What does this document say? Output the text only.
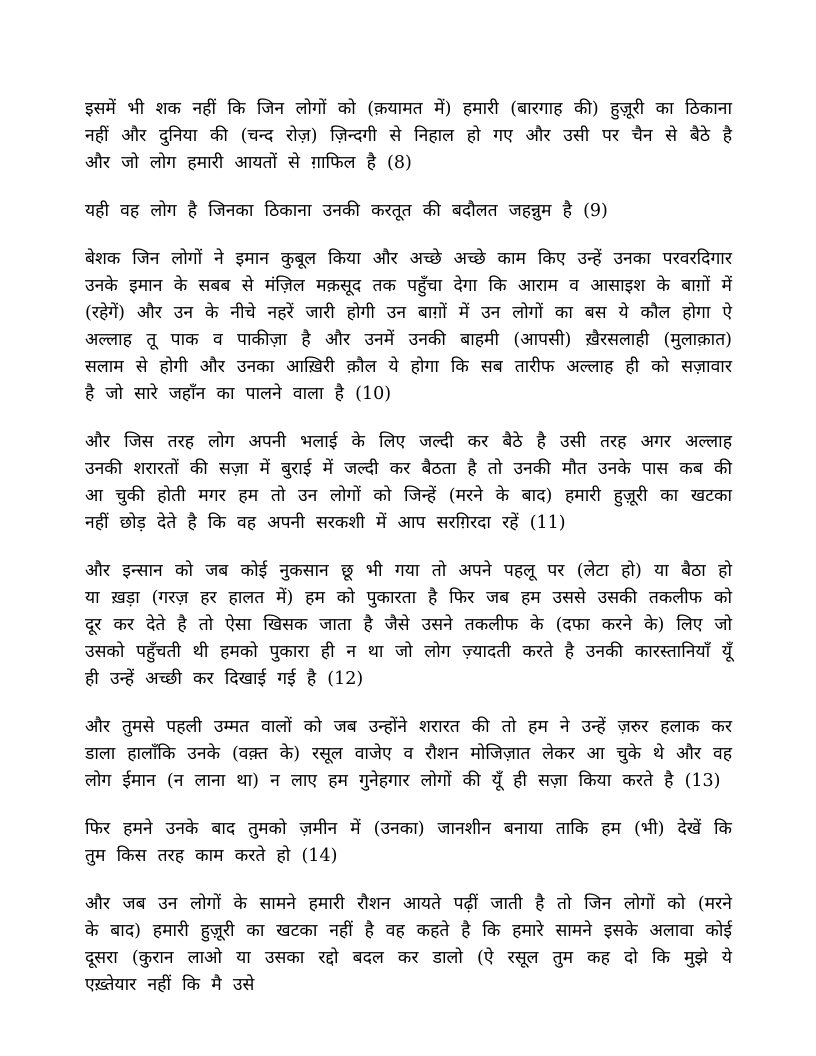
इसमें भी शक नहीं कि जिन लोगों को (क़यामत में) हमारी (बारगाह की) हुज़ूरी का ठिकाना नहीं और दुनिया की (चन्द रोज़) ज़िन्दगी से निहाल हो गए और उसी पर चैन से बैठे है और जो लोग हमारी आयतों से ग़ाफिल है (8)

यही वह लोग है जिनका ठिकाना उनकी करतूत की बदौलत जहन्नुम है (9)

बेशक जिन लोगों ने इमान कुबूल किया और अच्छे अच्छे काम किए उन्हें उनका परवरदिगार उनके इमान के सबब से मंज़िल मक़सूद तक पहुँचा देगा कि आराम व आसाइश के बाग़ों में (रहेगें) और उन के नीचे नहरें जारी होगी उन बाग़ों में उन लोगों का बस ये कौल होगा ऐ अल्लाह तू पाक व पाकीज़ा है और उनमें उनकी बाहमी (आपसी) ख़ैरसलाही (मुलाक़ात) सलाम से होगी और उनका आख़िरी क़ौल ये होगा कि सब तारीफ अल्लाह ही को सज़ावार है जो सारे जहाँन का पालने वाला है (10)

और जिस तरह लोग अपनी भलाई के लिए जल्दी कर बैठे है उसी तरह अगर अल्लाह उनकी शरारतों की सज़ा में बुराई में जल्दी कर बैठता है तो उनकी मौत उनके पास कब की आ चुकी होती मगर हम तो उन लोगों को जिन्हें (मरने के बाद) हमारी हुज़ूरी का खटका नहीं छोड़ देते है कि वह अपनी सरकशी में आप सरग़िरदा रहें (11)

और इन्सान को जब कोई नुकसान छू भी गया तो अपने पहलू पर (लेटा हो) या बैठा हो या ख़ड़ा (गरज़ हर हालत में) हम को पुकारता है फिर जब हम उससे उसकी तकलीफ को दूर कर देते है तो ऐसा खिसक जाता है जैसे उसने तकलीफ के (दफा करने के) लिए जो उसको पहुँचती थी हमको पुकारा ही न था जो लोग ज़्यादती करते है उनकी कारस्तानियाँ यूँ ही उन्हें अच्छी कर दिखाई गई है (12)

और तुमसे पहली उम्मत वालों को जब उन्होंने शरारत की तो हम ने उन्हें ज़रुर हलाक कर डाला हालाँकि उनके (वक़्त के) रसूल वाजेए व रौशन मोजिज़ात लेकर आ चुके थे और वह लोग ईमान (न लाना था) न लाए हम गुनेहगार लोगों की यूँ ही सज़ा किया करते है (13)

फिर हमने उनके बाद तुमको ज़मीन में (उनका) जानशीन बनाया ताकि हम (भी) देखें कि तुम किस तरह काम करते हो (14)

और जब उन लोगों के सामने हमारी रौशन आयते पढ़ीं जाती है तो जिन लोगों को (मरने के बाद) हमारी हुज़ूरी का खटका नहीं है वह कहते है कि हमारे सामने इसके अलावा कोई दूसरा (कुरान लाओ या उसका रद्दो बदल कर डालो (ऐ रसूल तुम कह दो कि मुझे ये एख़्तेयार नहीं कि मै उसे
